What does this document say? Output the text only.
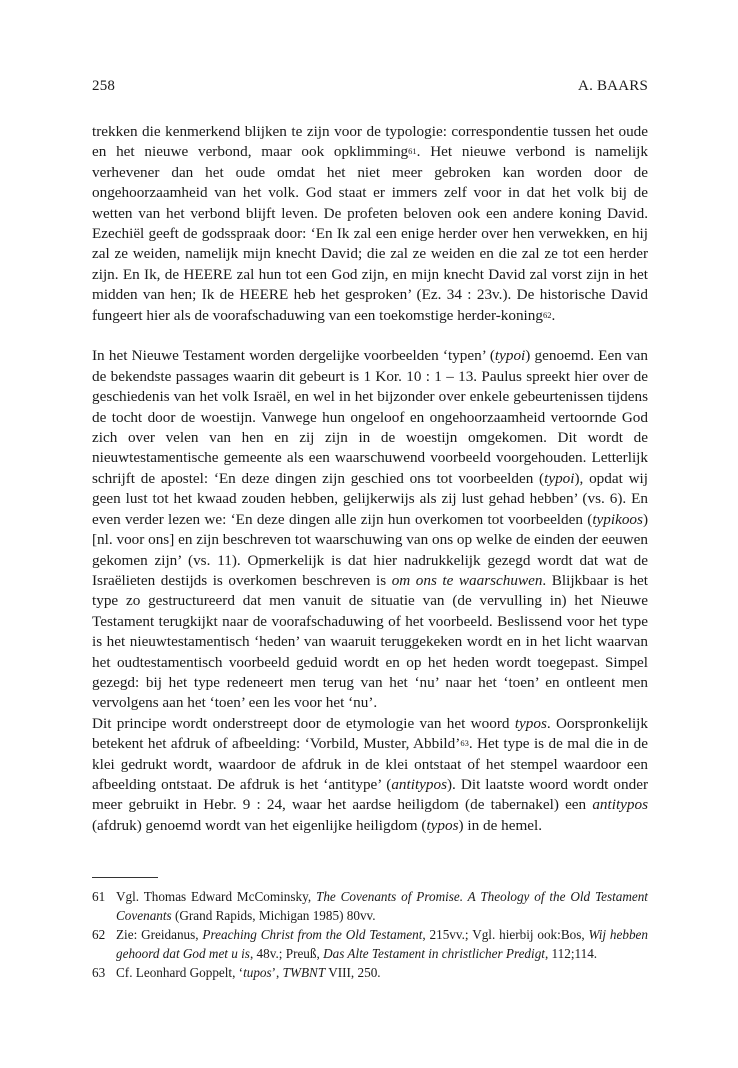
258	A. BAARS

trekken die kenmerkend blijken te zijn voor de typologie: correspondentie tussen het oude en het nieuwe verbond, maar ook opklimming$^{61}$. Het nieuwe verbond is namelijk verhevener dan het oude omdat het niet meer gebroken kan worden door de ongehoorzaamheid van het volk. God staat er immers zelf voor in dat het volk bij de wetten van het verbond blijft leven. De profeten beloven ook een andere koning David. Ezechiël geeft de godsspraak door: ‘En Ik zal een enige herder over hen verwekken, en hij zal ze weiden, namelijk mijn knecht David; die zal ze weiden en die zal ze tot een herder zijn. En Ik, de HEERE zal hun tot een God zijn, en mijn knecht David zal vorst zijn in het midden van hen; Ik de HEERE heb het gesproken’ (Ez. 34 : 23v.). De historische David fungeert hier als de voorafschaduwing van een toekomstige herder-koning$^{62}$.

In het Nieuwe Testament worden dergelijke voorbeelden ‘typen’ (typoi) genoemd. Een van de bekendste passages waarin dit gebeurt is 1 Kor. 10 : 1 – 13. Paulus spreekt hier over de geschiedenis van het volk Israël, en wel in het bijzonder over enkele gebeurtenissen tijdens de tocht door de woestijn. Vanwege hun ongeloof en ongehoorzaamheid vertoornde God zich over velen van hen en zij zijn in de woestijn omgekomen. Dit wordt de nieuwtestamentische gemeente als een waarschuwend voorbeeld voorgehouden. Letterlijk schrijft de apostel: ‘En deze dingen zijn geschied ons tot voorbeelden (typoi), opdat wij geen lust tot het kwaad zouden hebben, gelijkerwijs als zij lust gehad hebben’ (vs. 6). En even verder lezen we: ‘En deze dingen alle zijn hun overkomen tot voorbeelden (typikoos) [nl. voor ons] en zijn beschreven tot waarschuwing van ons op welke de einden der eeuwen gekomen zijn’ (vs. 11). Opmerkelijk is dat hier nadrukkelijk gezegd wordt dat wat de Israëlieten destijds is overkomen beschreven is om ons te waarschuwen. Blijkbaar is het type zo gestructureerd dat men vanuit de situatie van (de vervulling in) het Nieuwe Testament terugkijkt naar de voorafschaduwing of het voorbeeld. Beslissend voor het type is het nieuwtestamentisch ‘heden’ van waaruit teruggekeken wordt en in het licht waarvan het oudtestamentisch voorbeeld geduid wordt en op het heden wordt toegepast. Simpel gezegd: bij het type redeneert men terug van het ‘nu’ naar het ‘toen’ en ontleent men vervolgens aan het ‘toen’ een les voor het ‘nu’.

Dit principe wordt onderstreept door de etymologie van het woord typos. Oorspronkelijk betekent het afdruk of afbeelding: ‘Vorbild, Muster, Abbild’$^{63}$. Het type is de mal die in de klei gedrukt wordt, waardoor de afdruk in de klei ontstaat of het stempel waardoor een afbeelding ontstaat. De afdruk is het ‘antitype’ (antitypos). Dit laatste woord wordt onder meer gebruikt in Hebr. 9 : 24, waar het aardse heiligdom (de tabernakel) een antitypos (afdruk) genoemd wordt van het eigenlijke heiligdom (typos) in de hemel.

61 Vgl. Thomas Edward McCominsky, The Covenants of Promise. A Theology of the Old Testament Covenants (Grand Rapids, Michigan 1985) 80vv.
62 Zie: Greidanus, Preaching Christ from the Old Testament, 215vv.; Vgl. hierbij ook:Bos, Wij hebben gehoord dat God met u is, 48v.; Preuß, Das Alte Testament in christlicher Predigt, 112;114.
63 Cf. Leonhard Goppelt, ‘tupos’, TWBNT VIII, 250.
